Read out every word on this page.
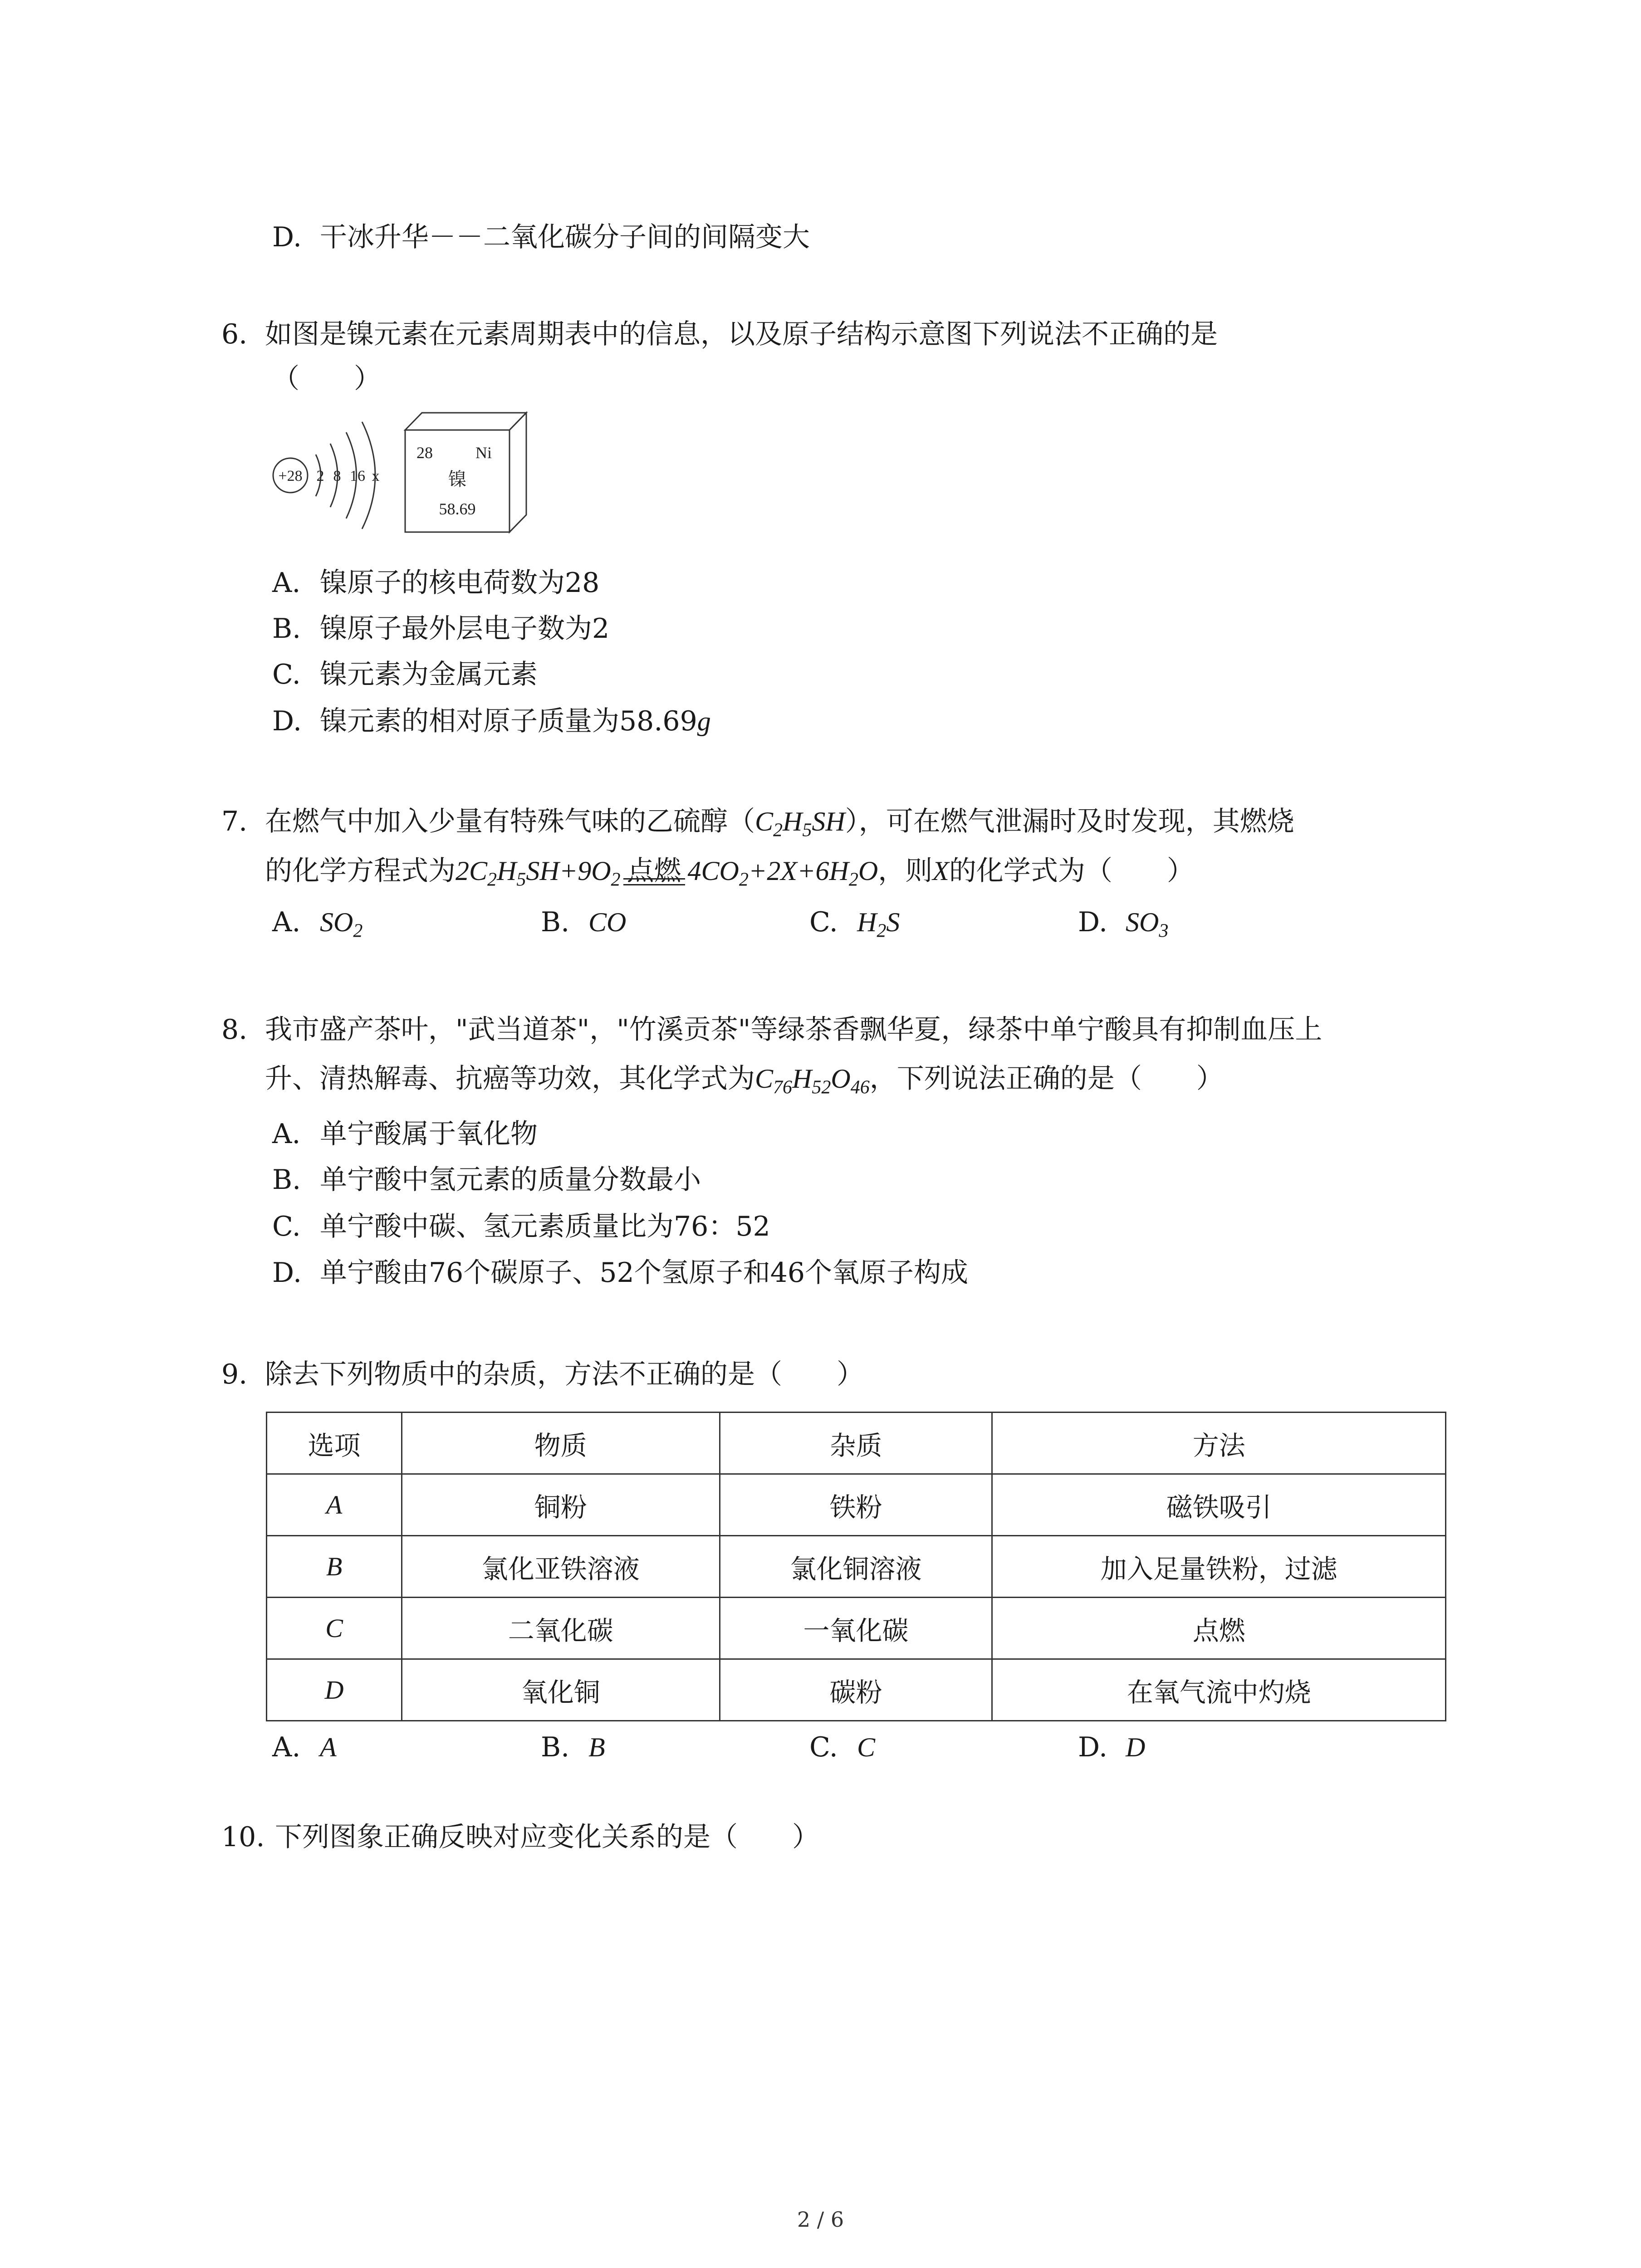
D. 干冰升华－－二氧化碳分子间的间隔变大
6. 如图是镍元素在元素周期表中的信息，以及原子结构示意图下列说法不正确的是
（　　）
+28 2 8 16 x
28	Ni
镍
58.69
A. 镍原子的核电荷数为28
B. 镍原子最外层电子数为2
C. 镍元素为金属元素
D. 镍元素的相对原子质量为58.69g
7. 在燃气中加入少量有特殊气味的乙硫醇$(C_2H_5SH)$，可在燃气泄漏时及时发现，其燃烧
的化学方程式为$2C_2H_5SH+9O_2$ 点燃 $4CO_2+2X+6H_2O$，则X的化学式为（　　）
A. $SO_2$	B. CO	C. $H_2S$	D. $SO_3$
8. 我市盛产茶叶，"武当道茶"，"竹溪贡茶"等绿茶香飘华夏，绿茶中单宁酸具有抑制血压上
升、清热解毒、抗癌等功效，其化学式为$C_{76}H_{52}O_{46}$，下列说法正确的是（　　）
A. 单宁酸属于氧化物
B. 单宁酸中氢元素的质量分数最小
C. 单宁酸中碳、氢元素质量比为76：52
D. 单宁酸由76个碳原子、52个氢原子和46个氧原子构成
9. 除去下列物质中的杂质，方法不正确的是（　　）
选项	物质	杂质	方法
A	铜粉	铁粉	磁铁吸引
B	氯化亚铁溶液	氯化铜溶液	加入足量铁粉，过滤
C	二氧化碳	一氧化碳	点燃
D	氧化铜	碳粉	在氧气流中灼烧
A. A	B. B	C. C	D. D
10. 下列图象正确反映对应变化关系的是（　　）
2 / 6
